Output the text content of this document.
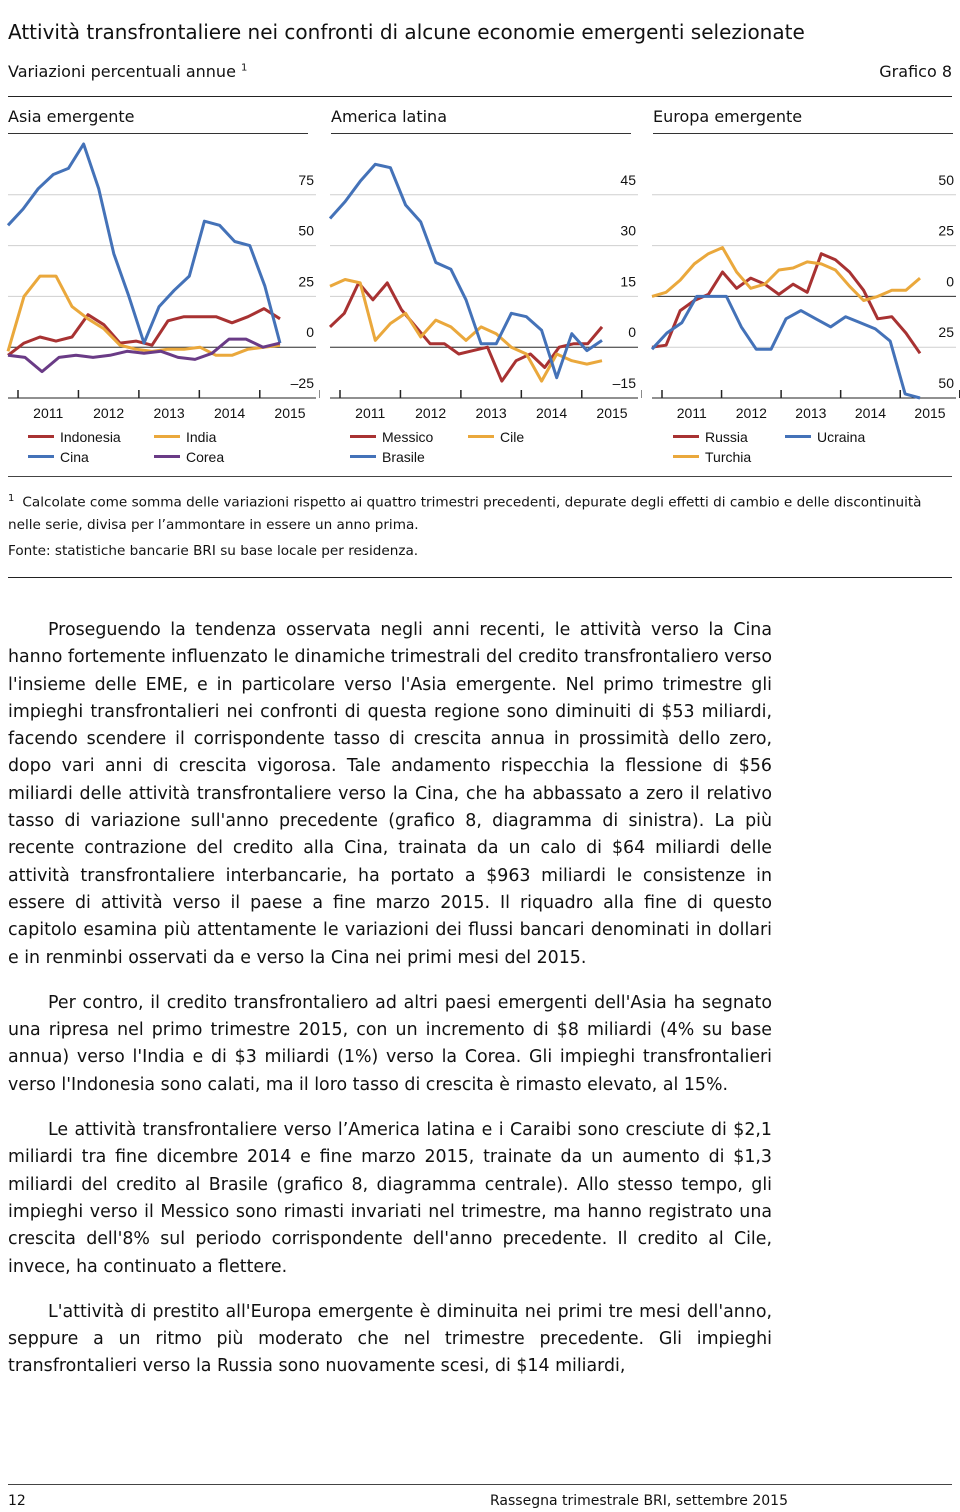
Attività transfrontaliere nei confronti di alcune economie emergenti selezionate
Variazioni percentuali annue $^1$	Grafico 8
Asia emergente	America latina	Europa emergente
75
50
25
0
–25
2011 2012 2013 2014 2015
45
30
15
0
–15
2011 2012 2013 2014 2015
50
25
0
25
50
2011 2012 2013 2014 2015
Indonesia	India
Cina	Corea
Messico	Cile
Brasile
Russia	Ucraina
Turchia
$^1$ Calcolate come somma delle variazioni rispetto ai quattro trimestri precedenti, depurate degli effetti di cambio e delle discontinuità nelle serie, divisa per l’ammontare in essere un anno prima.
Fonte: statistiche bancarie BRI su base locale per residenza.

Proseguendo la tendenza osservata negli anni recenti, le attività verso la Cina hanno fortemente influenzato le dinamiche trimestrali del credito transfrontaliero verso l'insieme delle EME, e in particolare verso l'Asia emergente. Nel primo trimestre gli impieghi transfrontalieri nei confronti di questa regione sono diminuiti di $53 miliardi, facendo scendere il corrispondente tasso di crescita annua in prossimità dello zero, dopo vari anni di crescita vigorosa. Tale andamento rispecchia la flessione di $56 miliardi delle attività transfrontaliere verso la Cina, che ha abbassato a zero il relativo tasso di variazione sull'anno precedente (grafico 8, diagramma di sinistra). La più recente contrazione del credito alla Cina, trainata da un calo di $64 miliardi delle attività transfrontaliere interbancarie, ha portato a $963 miliardi le consistenze in essere di attività verso il paese a fine marzo 2015. Il riquadro alla fine di questo capitolo esamina più attentamente le variazioni dei flussi bancari denominati in dollari e in renminbi osservati da e verso la Cina nei primi mesi del 2015.

Per contro, il credito transfrontaliero ad altri paesi emergenti dell'Asia ha segnato una ripresa nel primo trimestre 2015, con un incremento di $8 miliardi (4% su base annua) verso l'India e di $3 miliardi (1%) verso la Corea. Gli impieghi transfrontalieri verso l'Indonesia sono calati, ma il loro tasso di crescita è rimasto elevato, al 15%.

Le attività transfrontaliere verso l’America latina e i Caraibi sono cresciute di $2,1 miliardi tra fine dicembre 2014 e fine marzo 2015, trainate da un aumento di $1,3 miliardi del credito al Brasile (grafico 8, diagramma centrale). Allo stesso tempo, gli impieghi verso il Messico sono rimasti invariati nel trimestre, ma hanno registrato una crescita dell'8% sul periodo corrispondente dell'anno precedente. Il credito al Cile, invece, ha continuato a flettere.

L'attività di prestito all'Europa emergente è diminuita nei primi tre mesi dell'anno, seppure a un ritmo più moderato che nel trimestre precedente. Gli impieghi transfrontalieri verso la Russia sono nuovamente scesi, di $14 miliardi,

12	Rassegna trimestrale BRI, settembre 2015
